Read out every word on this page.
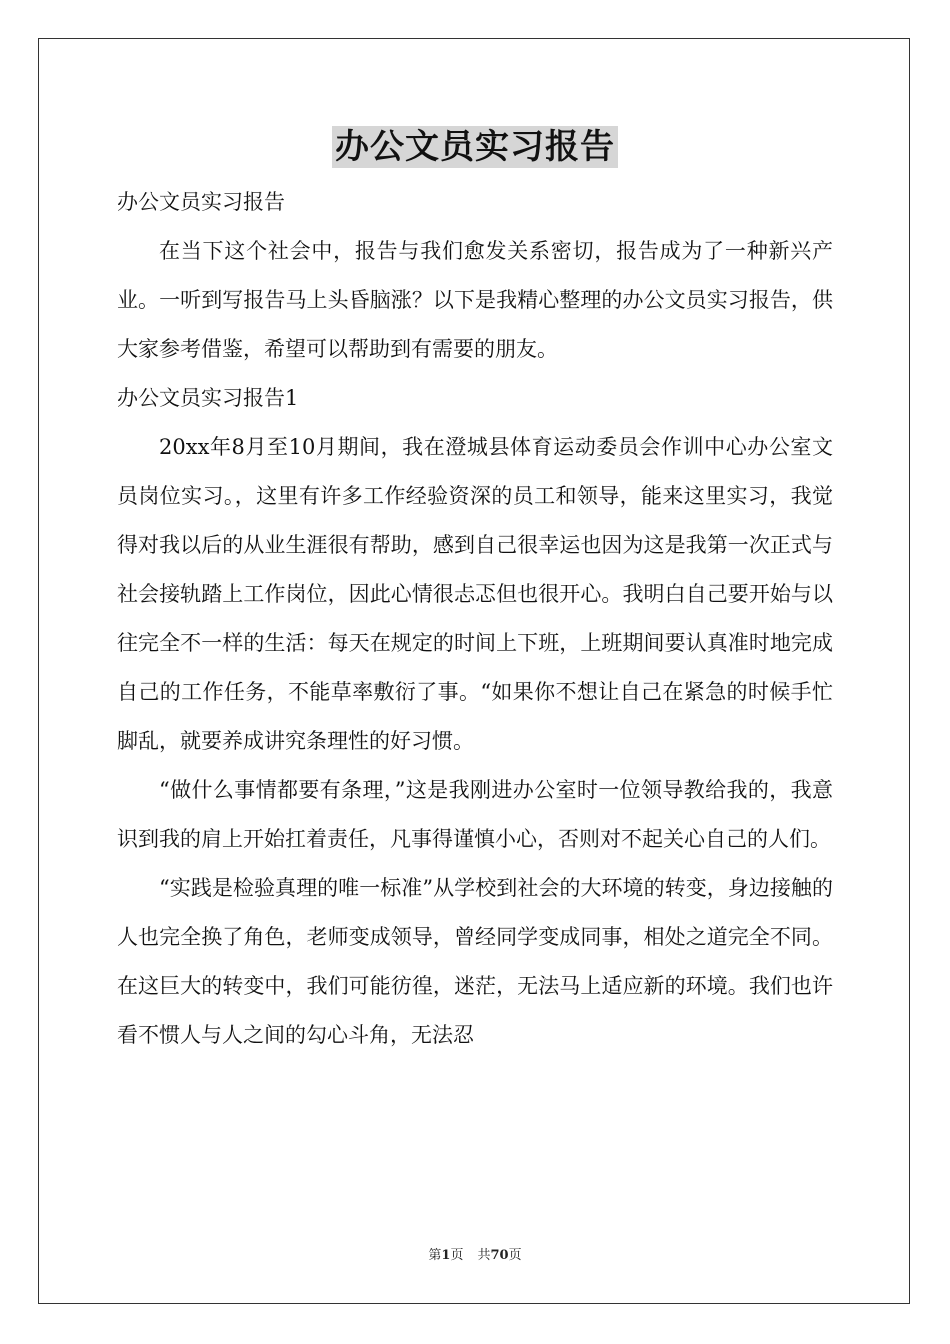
办公文员实习报告

办公文员实习报告

在当下这个社会中，报告与我们愈发关系密切，报告成为了一种新兴产业。一听到写报告马上头昏脑涨？以下是我精心整理的办公文员实习报告，供大家参考借鉴，希望可以帮助到有需要的朋友。

办公文员实习报告1

20xx年8月至10月期间，我在澄城县体育运动委员会作训中心办公室文员岗位实习。，这里有许多工作经验资深的员工和领导，能来这里实习，我觉得对我以后的从业生涯很有帮助，感到自己很幸运也因为这是我第一次正式与社会接轨踏上工作岗位，因此心情很忐忑但也很开心。我明白自己要开始与以往完全不一样的生活：每天在规定的时间上下班，上班期间要认真准时地完成自己的工作任务，不能草率敷衍了事。“如果你不想让自己在紧急的时候手忙脚乱，就要养成讲究条理性的好习惯。

“做什么事情都要有条理，”这是我刚进办公室时一位领导教给我的，我意识到我的肩上开始扛着责任，凡事得谨慎小心，否则对不起关心自己的人们。

“实践是检验真理的唯一标准”从学校到社会的大环境的转变，身边接触的人也完全换了角色，老师变成领导，曾经同学变成同事，相处之道完全不同。在这巨大的转变中，我们可能彷徨，迷茫，无法马上适应新的环境。我们也许看不惯人与人之间的勾心斗角，无法忍

第1页 共70页
